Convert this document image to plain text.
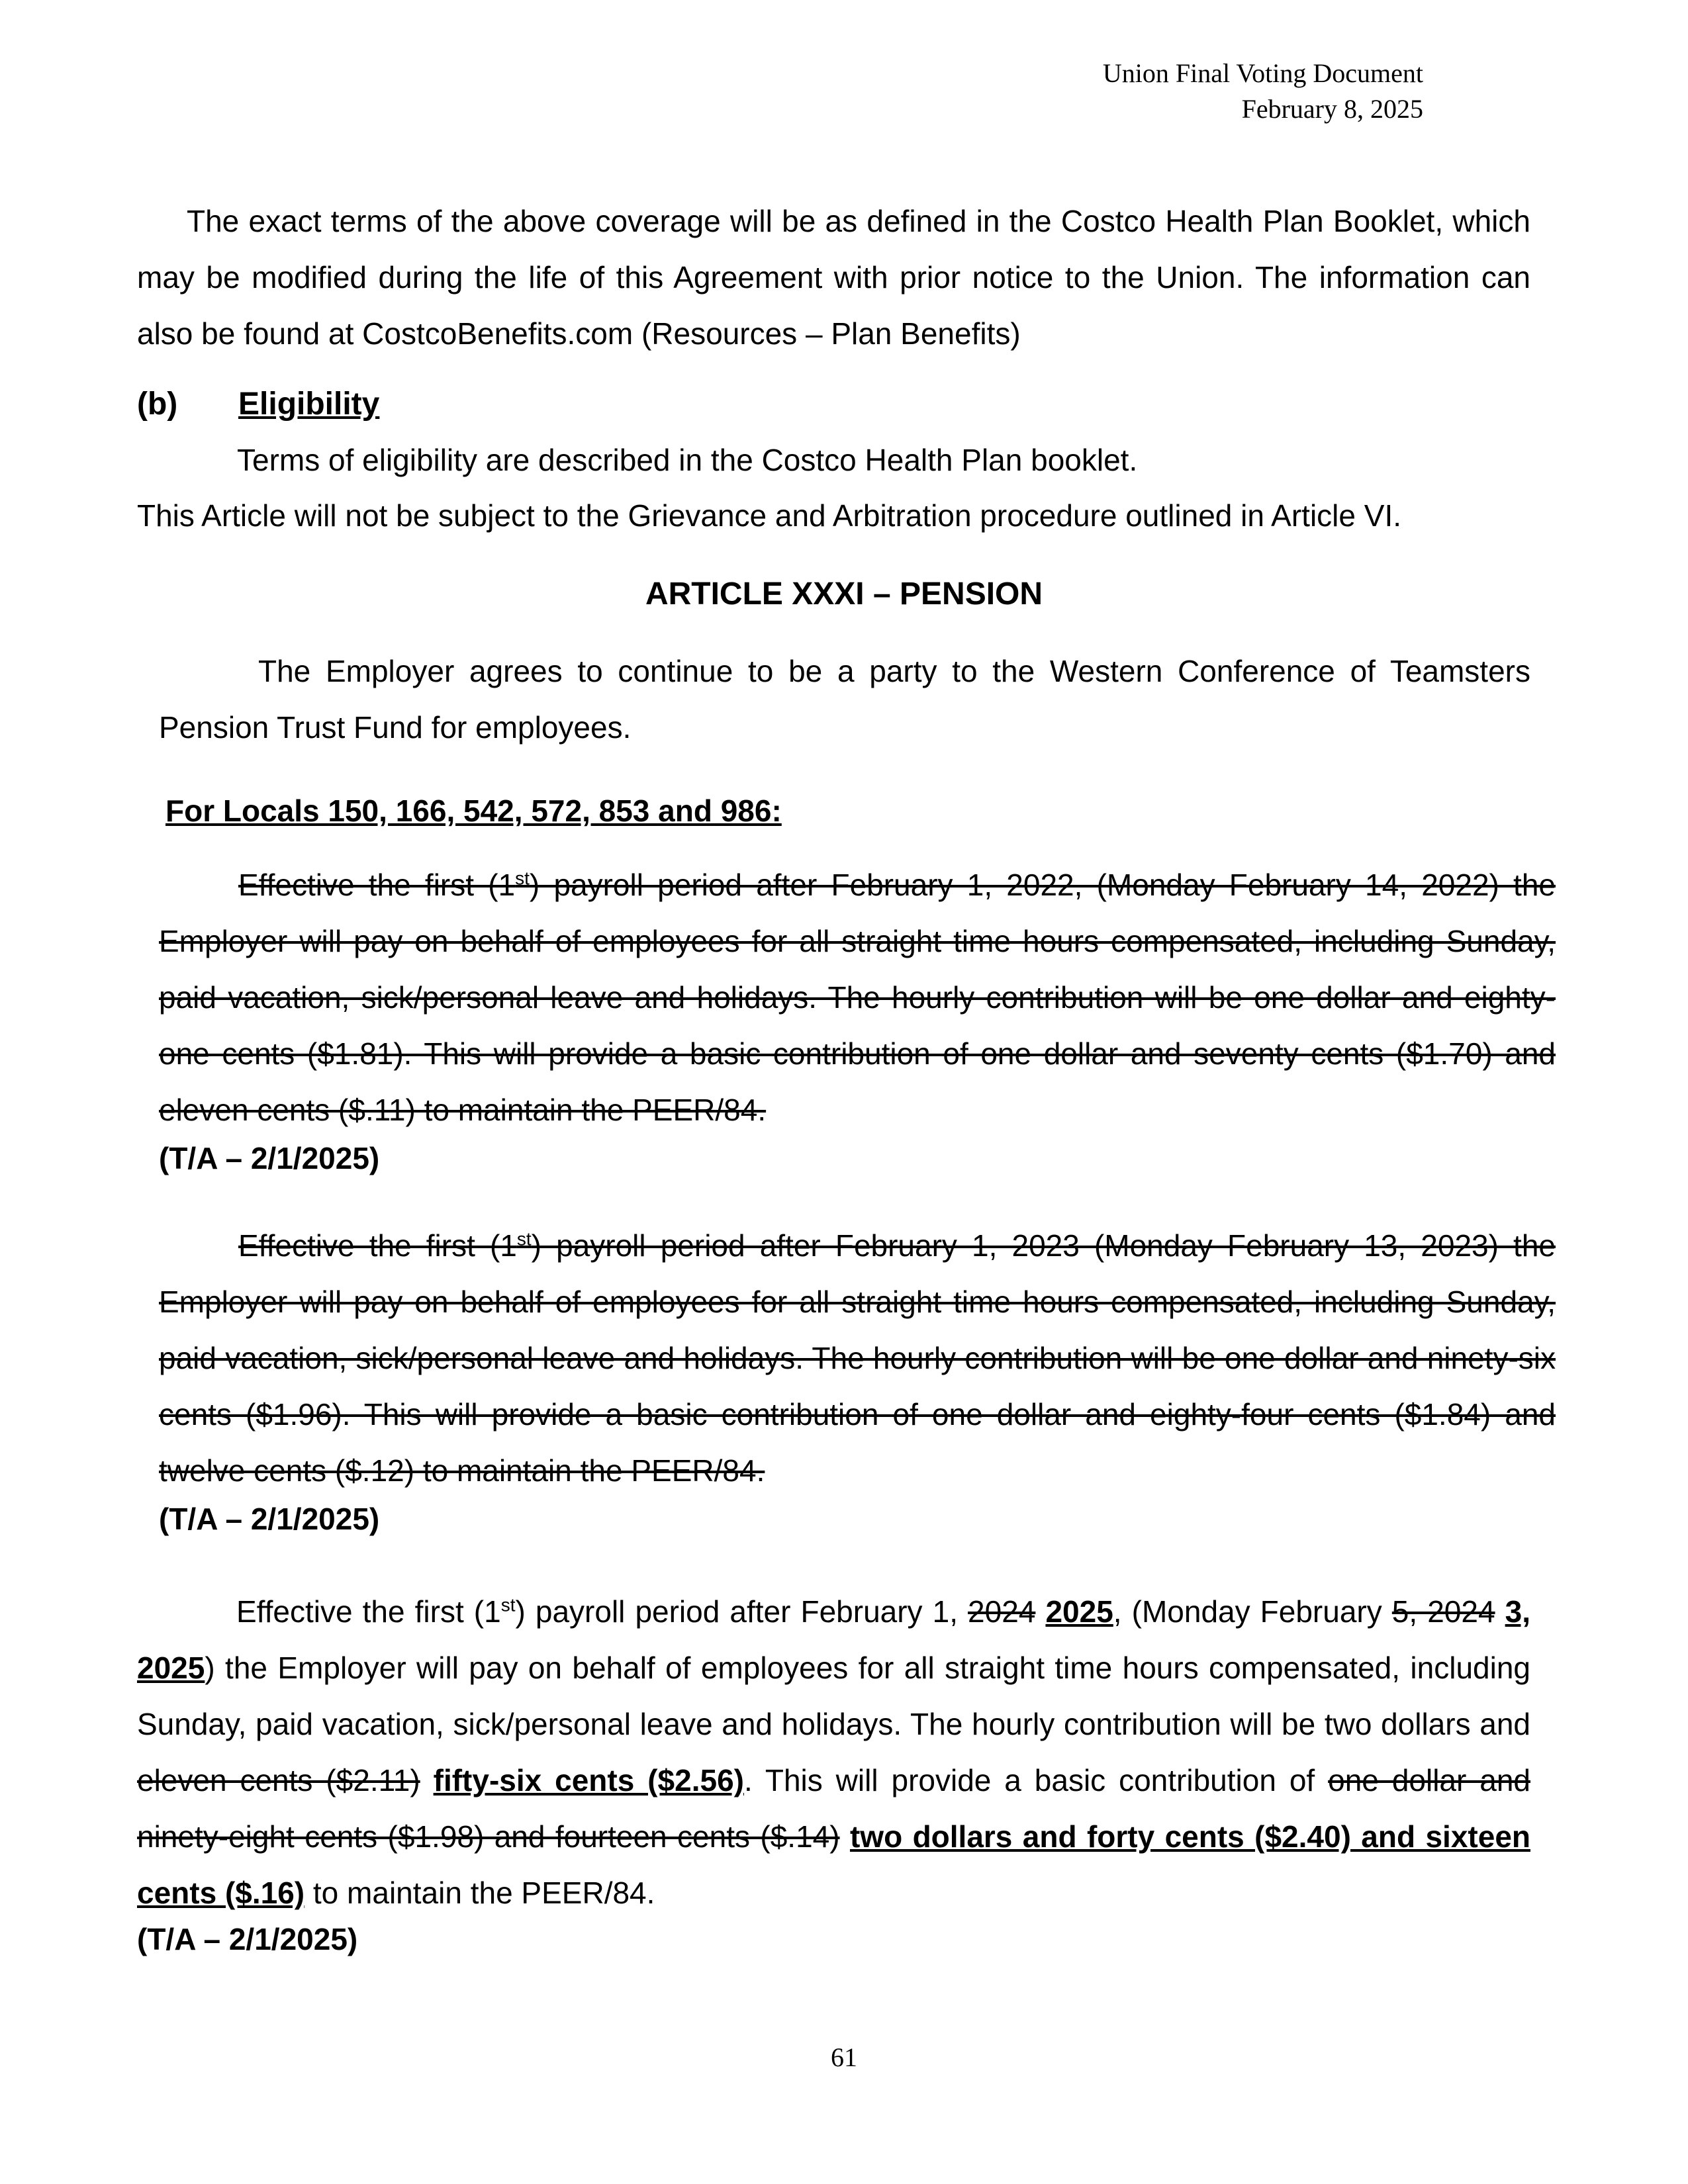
Union Final Voting Document
February 8, 2025
The exact terms of the above coverage will be as defined in the Costco Health Plan Booklet, which may be modified during the life of this Agreement with prior notice to the Union. The information can also be found at CostcoBenefits.com (Resources – Plan Benefits)
(b) Eligibility
Terms of eligibility are described in the Costco Health Plan booklet.
This Article will not be subject to the Grievance and Arbitration procedure outlined in Article VI.
ARTICLE XXXI – PENSION
The Employer agrees to continue to be a party to the Western Conference of Teamsters Pension Trust Fund for employees.
For Locals 150, 166, 542, 572, 853 and 986:
Effective the first (1st) payroll period after February 1, 2022, (Monday February 14, 2022) the Employer will pay on behalf of employees for all straight time hours compensated, including Sunday, paid vacation, sick/personal leave and holidays. The hourly contribution will be one dollar and eighty-one cents ($1.81). This will provide a basic contribution of one dollar and seventy cents ($1.70) and eleven cents ($.11) to maintain the PEER/84.
(T/A – 2/1/2025)
Effective the first (1st) payroll period after February 1, 2023 (Monday February 13, 2023) the Employer will pay on behalf of employees for all straight time hours compensated, including Sunday, paid vacation, sick/personal leave and holidays. The hourly contribution will be one dollar and ninety-six cents ($1.96). This will provide a basic contribution of one dollar and eighty-four cents ($1.84) and twelve cents ($.12) to maintain the PEER/84.
(T/A – 2/1/2025)
Effective the first (1st) payroll period after February 1, 2024 2025, (Monday February 5, 2024 3, 2025) the Employer will pay on behalf of employees for all straight time hours compensated, including Sunday, paid vacation, sick/personal leave and holidays. The hourly contribution will be two dollars and eleven cents ($2.11) fifty-six cents ($2.56). This will provide a basic contribution of one dollar and ninety-eight cents ($1.98) and fourteen cents ($.14) two dollars and forty cents ($2.40) and sixteen cents ($.16) to maintain the PEER/84.
(T/A – 2/1/2025)
61
